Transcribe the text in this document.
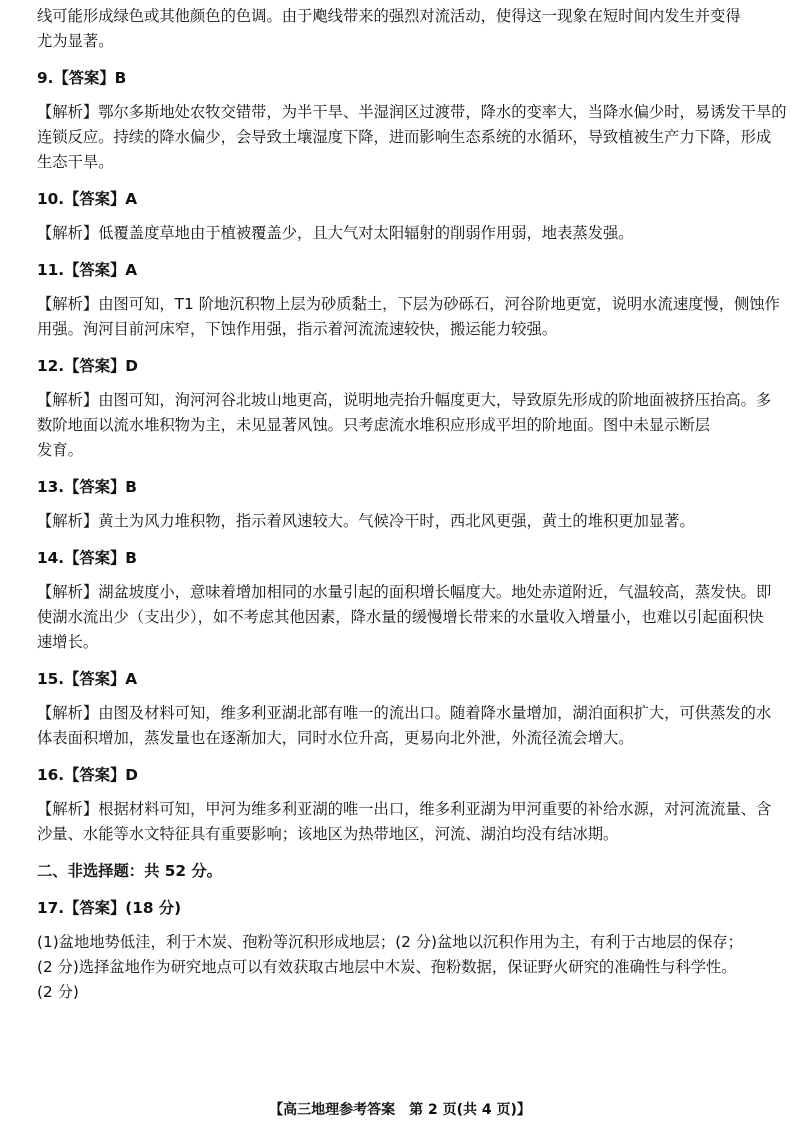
线可能形成绿色或其他颜色的色调。由于飑线带来的强烈对流活动，使得这一现象在短时间内发生并变得
尤为显著。
9.【答案】B
【解析】鄂尔多斯地处农牧交错带，为半干旱、半湿润区过渡带，降水的变率大，当降水偏少时，易诱发干旱的
连锁反应。持续的降水偏少，会导致土壤湿度下降，进而影响生态系统的水循环，导致植被生产力下降，形成
生态干旱。
10.【答案】A
【解析】低覆盖度草地由于植被覆盖少，且大气对太阳辐射的削弱作用弱，地表蒸发强。
11.【答案】A
【解析】由图可知，T1 阶地沉积物上层为砂质黏土，下层为砂砾石，河谷阶地更宽，说明水流速度慢，侧蚀作
用强。洵河目前河床窄，下蚀作用强，指示着河流流速较快，搬运能力较强。
12.【答案】D
【解析】由图可知，洵河河谷北坡山地更高，说明地壳抬升幅度更大，导致原先形成的阶地面被挤压抬高。多
数阶地面以流水堆积物为主，未见显著风蚀。只考虑流水堆积应形成平坦的阶地面。图中未显示断层
发育。
13.【答案】B
【解析】黄土为风力堆积物，指示着风速较大。气候冷干时，西北风更强，黄土的堆积更加显著。
14.【答案】B
【解析】湖盆坡度小，意味着增加相同的水量引起的面积增长幅度大。地处赤道附近，气温较高，蒸发快。即
使湖水流出少（支出少），如不考虑其他因素，降水量的缓慢增长带来的水量收入增量小，也难以引起面积快
速增长。
15.【答案】A
【解析】由图及材料可知，维多利亚湖北部有唯一的流出口。随着降水量增加，湖泊面积扩大，可供蒸发的水
体表面积增加，蒸发量也在逐渐加大，同时水位升高，更易向北外泄，外流径流会增大。
16.【答案】D
【解析】根据材料可知，甲河为维多利亚湖的唯一出口，维多利亚湖为甲河重要的补给水源，对河流流量、含
沙量、水能等水文特征具有重要影响；该地区为热带地区，河流、湖泊均没有结冰期。
二、非选择题：共 52 分。
17.【答案】(18 分)
(1)盆地地势低洼，利于木炭、孢粉等沉积形成地层；(2 分)盆地以沉积作用为主，有利于古地层的保存；
(2 分)选择盆地作为研究地点可以有效获取古地层中木炭、孢粉数据，保证野火研究的准确性与科学性。
(2 分)
【高三地理参考答案　第 2 页(共 4 页)】
